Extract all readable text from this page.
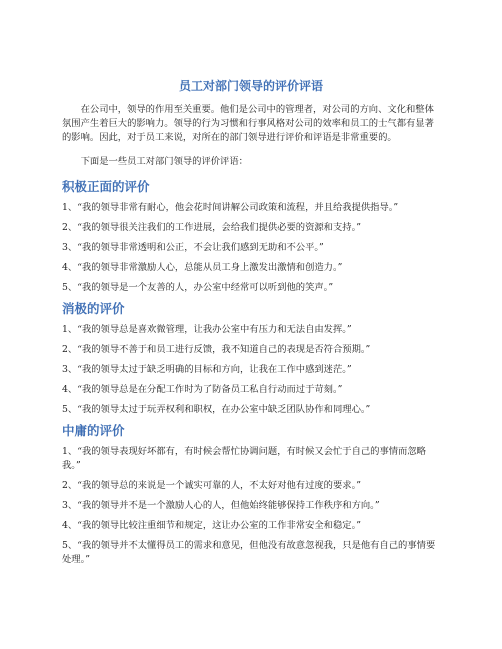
员工对部门领导的评价评语

在公司中，领导的作用至关重要。他们是公司中的管理者，对公司的方向、文化和整体氛围产生着巨大的影响力。领导的行为习惯和行事风格对公司的效率和员工的士气都有显著的影响。因此，对于员工来说，对所在的部门领导进行评价和评语是非常重要的。

下面是一些员工对部门领导的评价评语：

积极正面的评价

1、“我的领导非常有耐心，他会花时间讲解公司政策和流程，并且给我提供指导。”

2、“我的领导很关注我们的工作进展，会给我们提供必要的资源和支持。”

3、“我的领导非常透明和公正，不会让我们感到无助和不公平。”

4、“我的领导非常激励人心，总能从员工身上激发出激情和创造力。”

5、“我的领导是一个友善的人，办公室中经常可以听到他的笑声。”

消极的评价

1、“我的领导总是喜欢微管理，让我办公室中有压力和无法自由发挥。”

2、“我的领导不善于和员工进行反馈，我不知道自己的表现是否符合预期。”

3、“我的领导太过于缺乏明确的目标和方向，让我在工作中感到迷茫。”

4、“我的领导总是在分配工作时为了防备员工私自行动而过于苛刻。”

5、“我的领导太过于玩弄权利和职权，在办公室中缺乏团队协作和同理心。”

中庸的评价

1、“我的领导表现好坏都有，有时候会帮忙协调问题，有时候又会忙于自己的事情而忽略我。”

2、“我的领导总的来说是一个诚实可靠的人，不太好对他有过度的要求。”

3、“我的领导并不是一个激励人心的人，但他始终能够保持工作秩序和方向。”

4、“我的领导比较注重细节和规定，这让办公室的工作非常安全和稳定。”

5、“我的领导并不太懂得员工的需求和意见，但他没有故意忽视我，只是他有自己的事情要处理。”
